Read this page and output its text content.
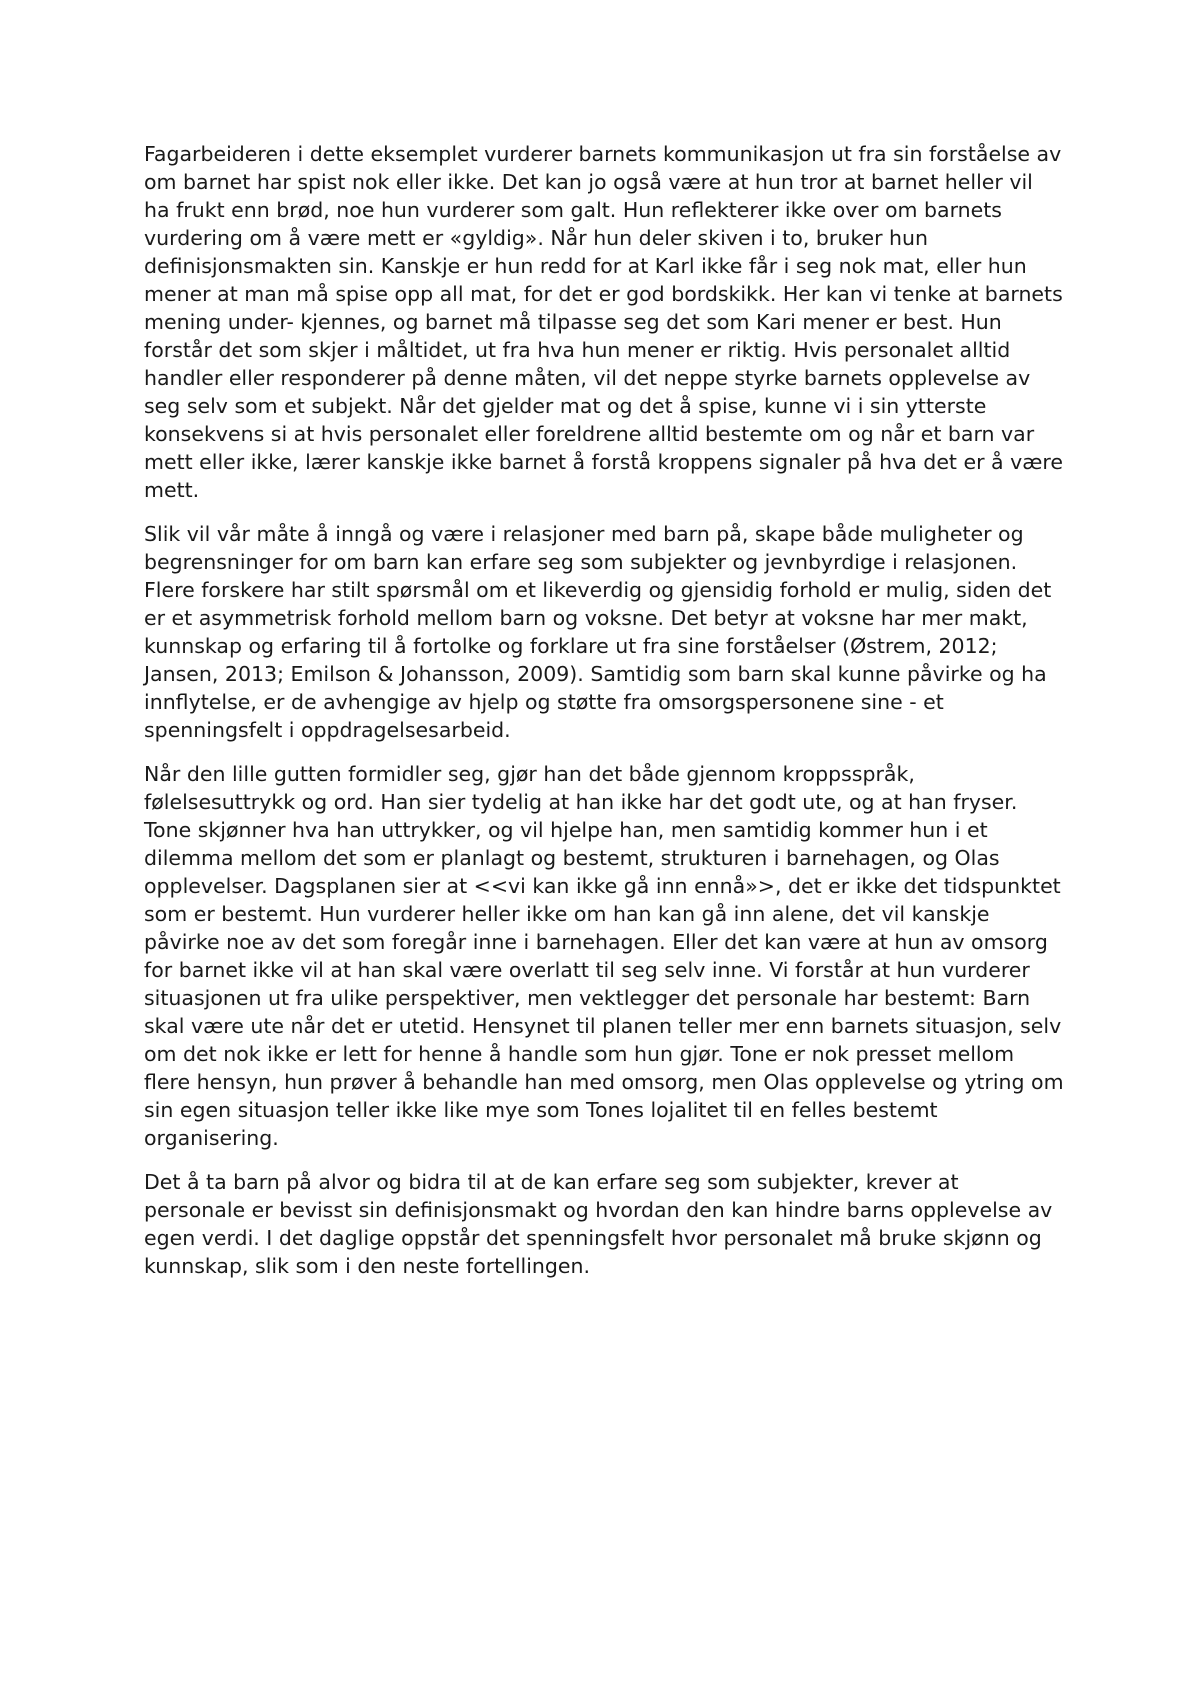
Fagarbeideren i dette eksemplet vurderer barnets kommunikasjon ut fra sin forståelse av om barnet har spist nok eller ikke. Det kan jo også være at hun tror at barnet heller vil ha frukt enn brød, noe hun vurderer som galt. Hun reflekterer ikke over om barnets vurdering om å være mett er «gyldig». Når hun deler skiven i to, bruker hun definisjonsmakten sin. Kanskje er hun redd for at Karl ikke får i seg nok mat, eller hun mener at man må spise opp all mat, for det er god bordskikk. Her kan vi tenke at barnets mening under- kjennes, og barnet må tilpasse seg det som Kari mener er best. Hun forstår det som skjer i måltidet, ut fra hva hun mener er riktig. Hvis personalet alltid handler eller responderer på denne måten, vil det neppe styrke barnets opplevelse av seg selv som et subjekt. Når det gjelder mat og det å spise, kunne vi i sin ytterste konsekvens si at hvis personalet eller foreldrene alltid bestemte om og når et barn var mett eller ikke, lærer kanskje ikke barnet å forstå kroppens signaler på hva det er å være mett.

Slik vil vår måte å inngå og være i relasjoner med barn på, skape både muligheter og begrensninger for om barn kan erfare seg som subjekter og jevnbyrdige i relasjonen. Flere forskere har stilt spørsmål om et likeverdig og gjensidig forhold er mulig, siden det er et asymmetrisk forhold mellom barn og voksne. Det betyr at voksne har mer makt, kunnskap og erfaring til å fortolke og forklare ut fra sine forståelser (Østrem, 2012; Jansen, 2013; Emilson & Johansson, 2009). Samtidig som barn skal kunne påvirke og ha innflytelse, er de avhengige av hjelp og støtte fra omsorgspersonene sine - et spenningsfelt i oppdragelsesarbeid.

Når den lille gutten formidler seg, gjør han det både gjennom kroppsspråk, følelsesuttrykk og ord. Han sier tydelig at han ikke har det godt ute, og at han fryser. Tone skjønner hva han uttrykker, og vil hjelpe han, men samtidig kommer hun i et dilemma mellom det som er planlagt og bestemt, strukturen i barnehagen, og Olas opplevelser. Dagsplanen sier at <<vi kan ikke gå inn ennå»>, det er ikke det tidspunktet som er bestemt. Hun vurderer heller ikke om han kan gå inn alene, det vil kanskje påvirke noe av det som foregår inne i barnehagen. Eller det kan være at hun av omsorg for barnet ikke vil at han skal være overlatt til seg selv inne. Vi forstår at hun vurderer situasjonen ut fra ulike perspektiver, men vektlegger det personale har bestemt: Barn skal være ute når det er utetid. Hensynet til planen teller mer enn barnets situasjon, selv om det nok ikke er lett for henne å handle som hun gjør. Tone er nok presset mellom flere hensyn, hun prøver å behandle han med omsorg, men Olas opplevelse og ytring om sin egen situasjon teller ikke like mye som Tones lojalitet til en felles bestemt organisering.

Det å ta barn på alvor og bidra til at de kan erfare seg som subjekter, krever at personale er bevisst sin definisjonsmakt og hvordan den kan hindre barns opplevelse av egen verdi. I det daglige oppstår det spenningsfelt hvor personalet må bruke skjønn og kunnskap, slik som i den neste fortellingen.
